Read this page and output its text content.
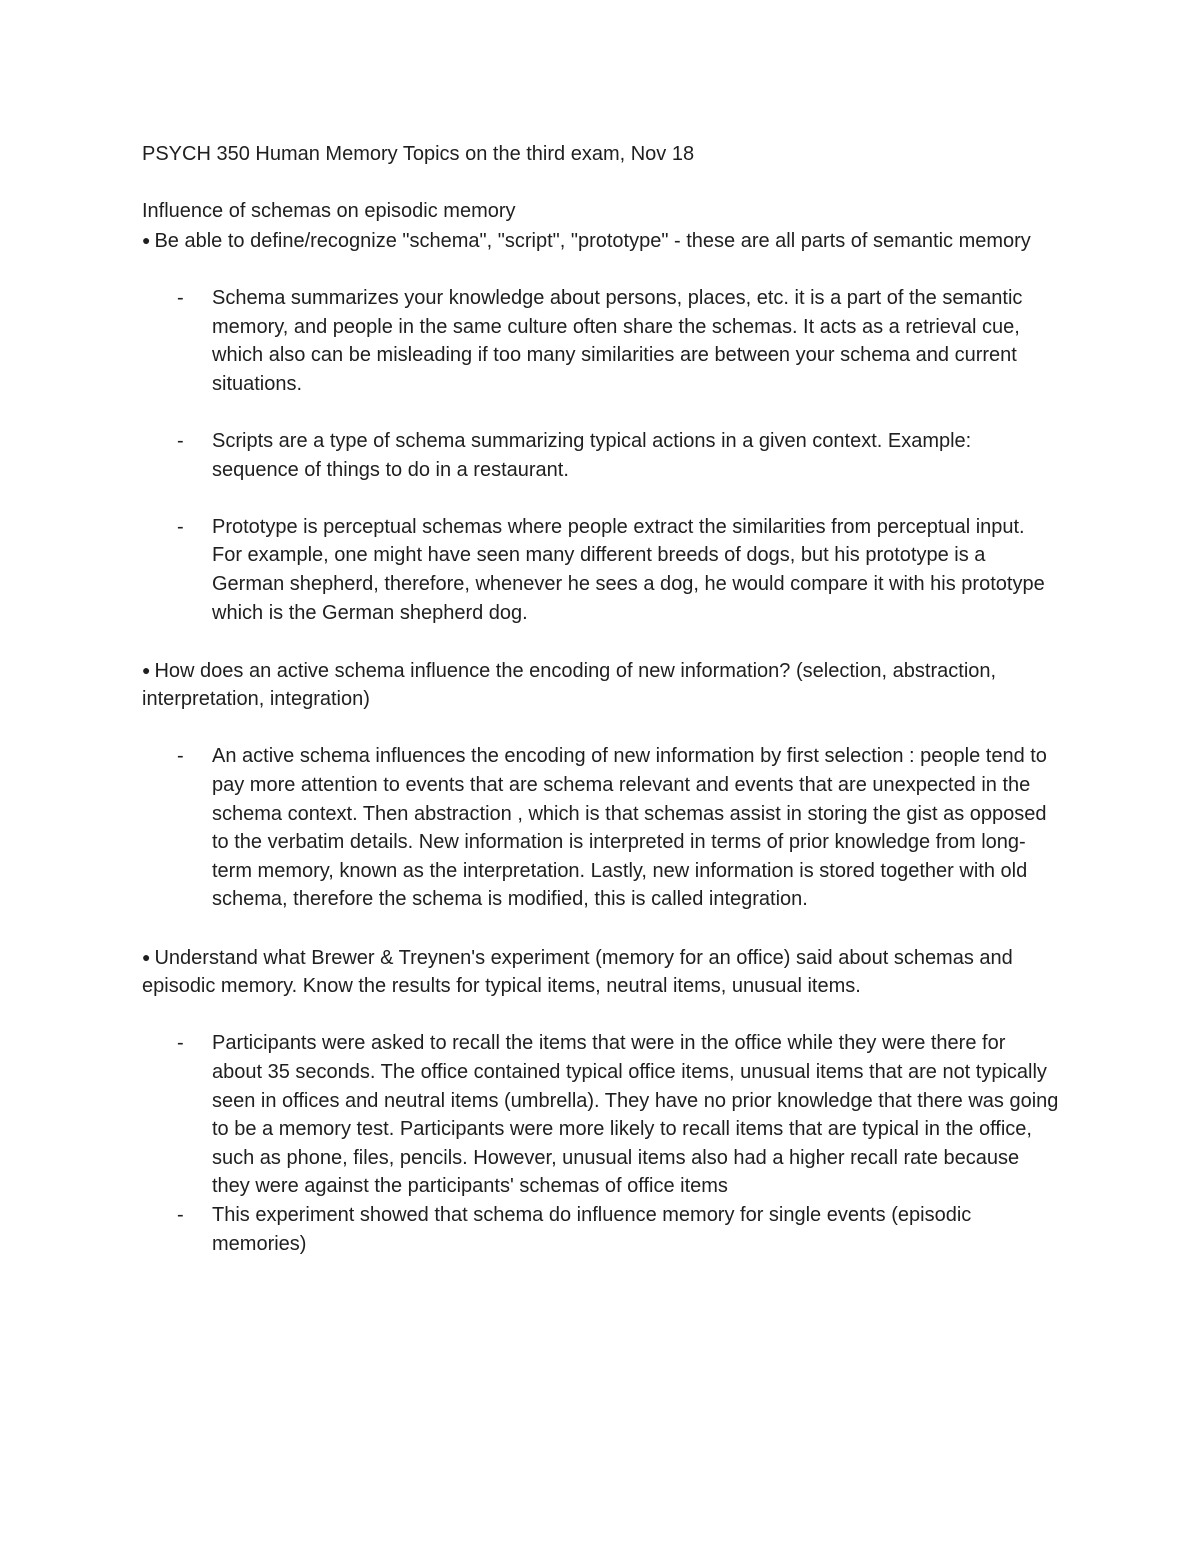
PSYCH 350 Human Memory Topics on the third exam, Nov 18

Influence of schemas on episodic memory

● Be able to define/recognize "schema", "script", "prototype" - these are all parts of semantic memory

- Schema summarizes your knowledge about persons, places, etc. it is a part of the semantic memory, and people in the same culture often share the schemas. It acts as a retrieval cue, which also can be misleading if too many similarities are between your schema and current situations.
- Scripts are a type of schema summarizing typical actions in a given context. Example: sequence of things to do in a restaurant.
- Prototype is perceptual schemas where people extract the similarities from perceptual input. For example, one might have seen many different breeds of dogs, but his prototype is a German shepherd, therefore, whenever he sees a dog, he would compare it with his prototype which is the German shepherd dog.

● How does an active schema influence the encoding of new information? (selection, abstraction, interpretation, integration)

- An active schema influences the encoding of new information by first selection : people tend to pay more attention to events that are schema relevant and events that are unexpected in the schema context. Then abstraction , which is that schemas assist in storing the gist as opposed to the verbatim details. New information is interpreted in terms of prior knowledge from long-term memory, known as the interpretation. Lastly, new information is stored together with old schema, therefore the schema is modified, this is called integration.

● Understand what Brewer & Treynen's experiment (memory for an office) said about schemas and episodic memory. Know the results for typical items, neutral items, unusual items.

- Participants were asked to recall the items that were in the office while they were there for about 35 seconds. The office contained typical office items, unusual items that are not typically seen in offices and neutral items (umbrella). They have no prior knowledge that there was going to be a memory test. Participants were more likely to recall items that are typical in the office, such as phone, files, pencils. However, unusual items also had a higher recall rate because they were against the participants' schemas of office items
- This experiment showed that schema do influence memory for single events (episodic memories)
